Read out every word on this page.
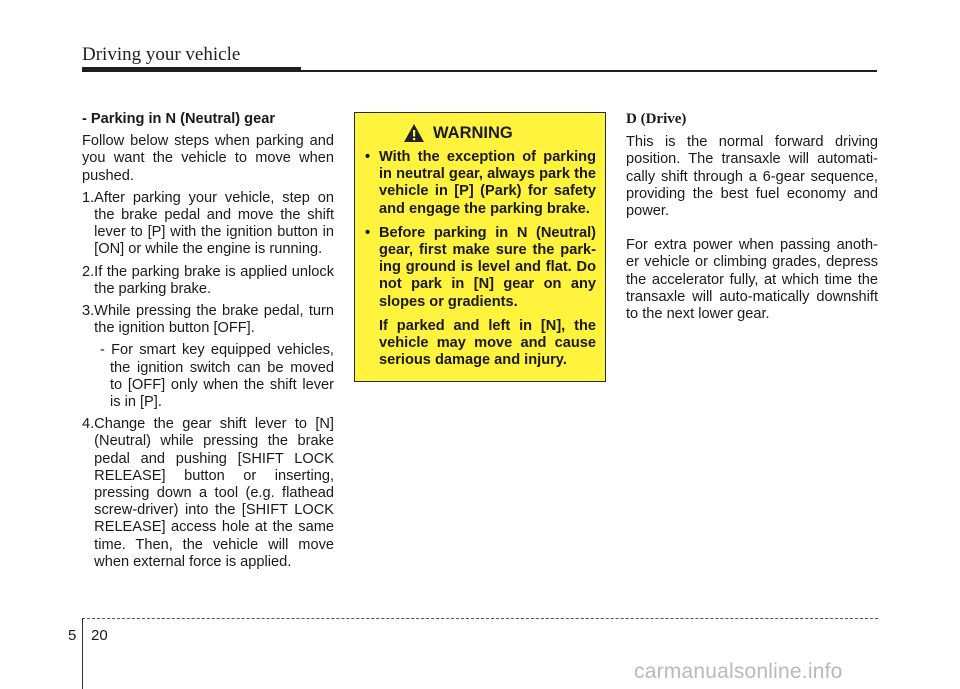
Driving your vehicle
- Parking in N (Neutral) gear

Follow below steps when parking and you want the vehicle to move when pushed.

1. After parking your vehicle, step on the brake pedal and move the shift lever to [P] with the ignition button in [ON] or while the engine is running.
2. If the parking brake is applied unlock the parking brake.
3. While pressing the brake pedal, turn the ignition button [OFF].
- For smart key equipped vehicles, the ignition switch can be moved to [OFF] only when the shift lever is in [P].
4. Change the gear shift lever to [N] (Neutral) while pressing the brake pedal and pushing [SHIFT LOCK RELEASE] button or inserting, pressing down a tool (e.g. flathead screw-driver) into the [SHIFT LOCK RELEASE] access hole at the same time. Then, the vehicle will move when external force is applied.
WARNING
• With the exception of parking in neutral gear, always park the vehicle in [P] (Park) for safety and engage the parking brake.
• Before parking in N (Neutral) gear, first make sure the park-ing ground is level and flat. Do not park in [N] gear on any slopes or gradients.
If parked and left in [N], the vehicle may move and cause serious damage and injury.
D (Drive)

This is the normal forward driving position. The transaxle will automati-cally shift through a 6-gear sequence, providing the best fuel economy and power.

For extra power when passing anoth-er vehicle or climbing grades, depress the accelerator fully, at which time the transaxle will auto-matically downshift to the next lower gear.

5 20
carmanualsonline.info
